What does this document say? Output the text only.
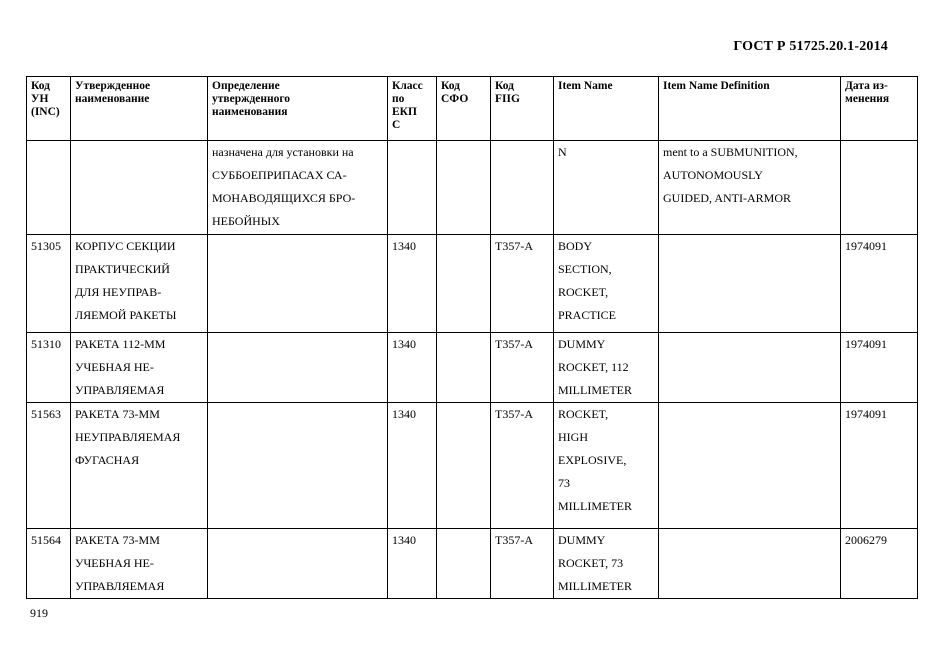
ГОСТ Р 51725.20.1-2014
Код
УН
(INC)	Утвержденное
наименование	Определение
утвержденного
наименования	Класс
по
ЕКП
С	Код
СФО	Код
FIIG	Item Name	Item Name Definition	Дата из-
менения

		назначена для установки на
СУББОЕПРИПАСАХ СА-
МОНАВОДЯЩИХСЯ БРО-
НЕБОЙНЫХ				N	ment to a SUBMUNITION,
AUTONOMOUSLY
GUIDED, ANTI-ARMOR	

51305	КОРПУС СЕКЦИИ
ПРАКТИЧЕСКИЙ
ДЛЯ НЕУПРАВ-
ЛЯЕМОЙ РАКЕТЫ		1340		T357-A	BODY
SECTION,
ROCKET,
PRACTICE		1974091
51310	РАКЕТА 112-ММ
УЧЕБНАЯ НЕ-
УПРАВЛЯЕМАЯ		1340		T357-A	DUMMY
ROCKET, 112
MILLIMETER		1974091
51563	РАКЕТА 73-ММ
НЕУПРАВЛЯЕМАЯ
ФУГАСНАЯ		1340		T357-A	ROCKET,
HIGH
EXPLOSIVE,
73
MILLIMETER		1974091
51564	РАКЕТА 73-ММ
УЧЕБНАЯ НЕ-
УПРАВЛЯЕМАЯ		1340		T357-A	DUMMY
ROCKET, 73
MILLIMETER		2006279
919
